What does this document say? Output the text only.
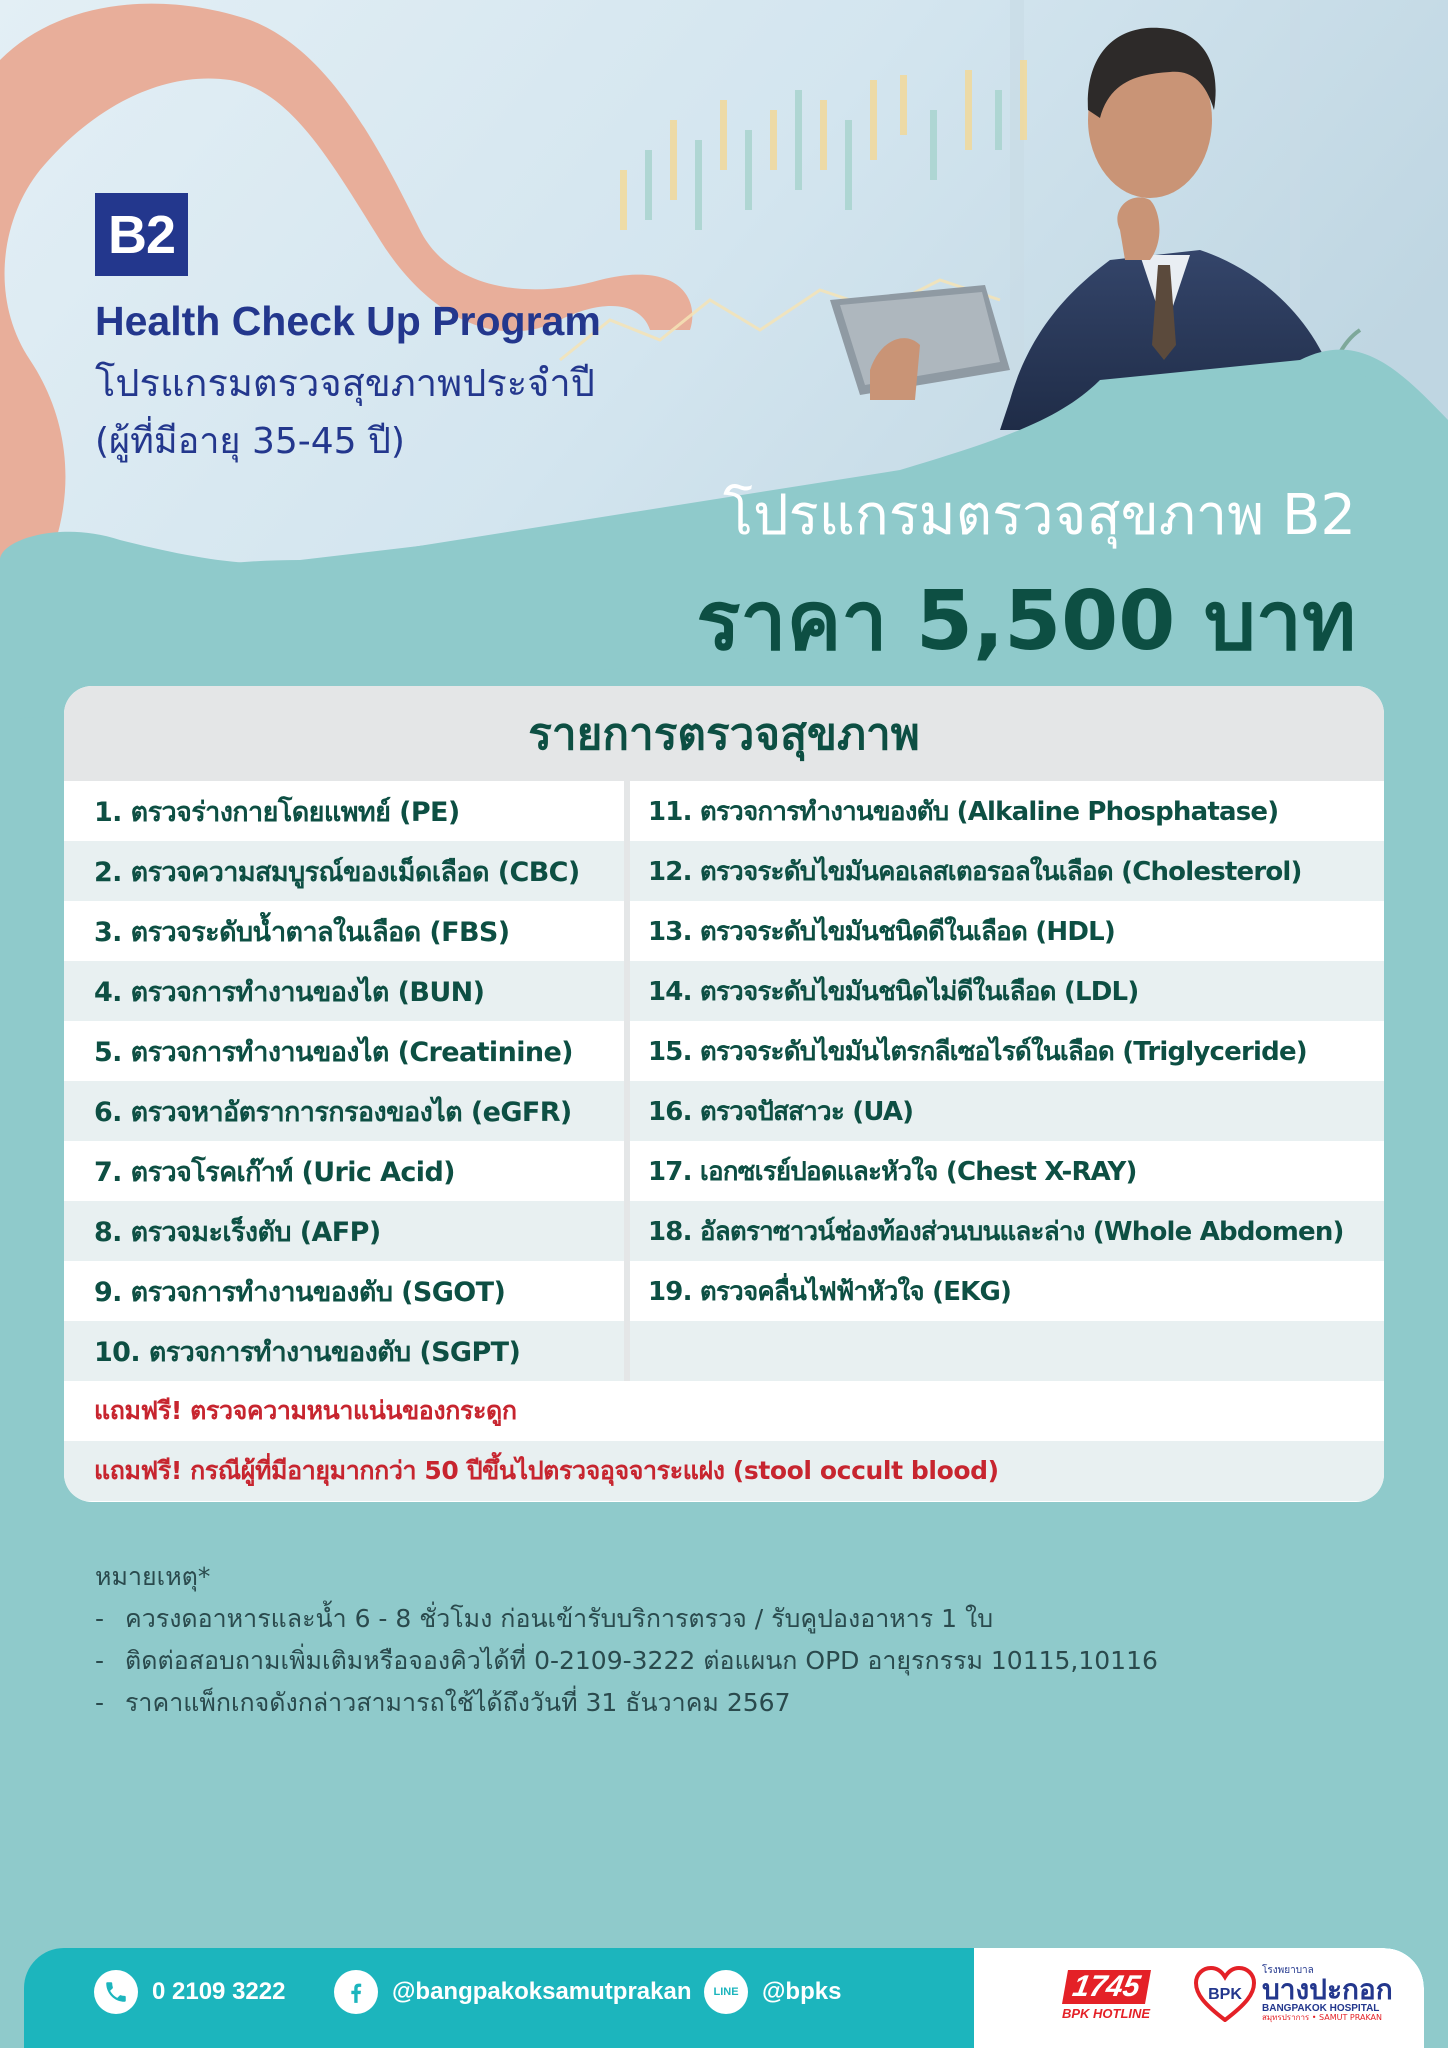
B2
Health Check Up Program
โปรแกรมตรวจสุขภาพประจำปี
(ผู้ที่มีอายุ 35-45 ปี)
โปรแกรมตรวจสุขภาพ B2
ราคา 5,500 บาท
รายการตรวจสุขภาพ
1. ตรวจร่างกายโดยแพทย์ (PE)
2. ตรวจความสมบูรณ์ของเม็ดเลือด (CBC)
3. ตรวจระดับน้ำตาลในเลือด (FBS)
4. ตรวจการทำงานของไต (BUN)
5. ตรวจการทำงานของไต (Creatinine)
6. ตรวจหาอัตราการกรองของไต (eGFR)
7. ตรวจโรคเก๊าท์ (Uric Acid)
8. ตรวจมะเร็งตับ (AFP)
9. ตรวจการทำงานของตับ (SGOT)
10. ตรวจการทำงานของตับ (SGPT)
11. ตรวจการทำงานของตับ (Alkaline Phosphatase)
12. ตรวจระดับไขมันคอเลสเตอรอลในเลือด (Cholesterol)
13. ตรวจระดับไขมันชนิดดีในเลือด (HDL)
14. ตรวจระดับไขมันชนิดไม่ดีในเลือด (LDL)
15. ตรวจระดับไขมันไตรกลีเซอไรด์ในเลือด (Triglyceride)
16. ตรวจปัสสาวะ (UA)
17. เอกซเรย์ปอดและหัวใจ (Chest X-RAY)
18. อัลตราซาวน์ช่องท้องส่วนบนและล่าง (Whole Abdomen)
19. ตรวจคลื่นไฟฟ้าหัวใจ (EKG)
แถมฟรี! ตรวจความหนาแน่นของกระดูก
แถมฟรี! กรณีผู้ที่มีอายุมากกว่า 50 ปีขึ้นไปตรวจอุจจาระแฝง (stool occult blood)
หมายเหตุ*
- ควรงดอาหารและน้ำ 6 - 8 ชั่วโมง ก่อนเข้ารับบริการตรวจ / รับคูปองอาหาร 1 ใบ
- ติดต่อสอบถามเพิ่มเติมหรือจองคิวได้ที่ 0-2109-3222 ต่อแผนก OPD อายุรกรรม 10115,10116
- ราคาแพ็กเกจดังกล่าวสามารถใช้ได้ถึงวันที่ 31 ธันวาคม 2567
0 2109 3222	@bangpakoksamutprakan LINE @bpks	1745
BPK HOTLINE
BPK
โรงพยาบาล
บางปะกอก
BANGPAKOK HOSPITAL
สมุทรปราการ • SAMUT PRAKAN
